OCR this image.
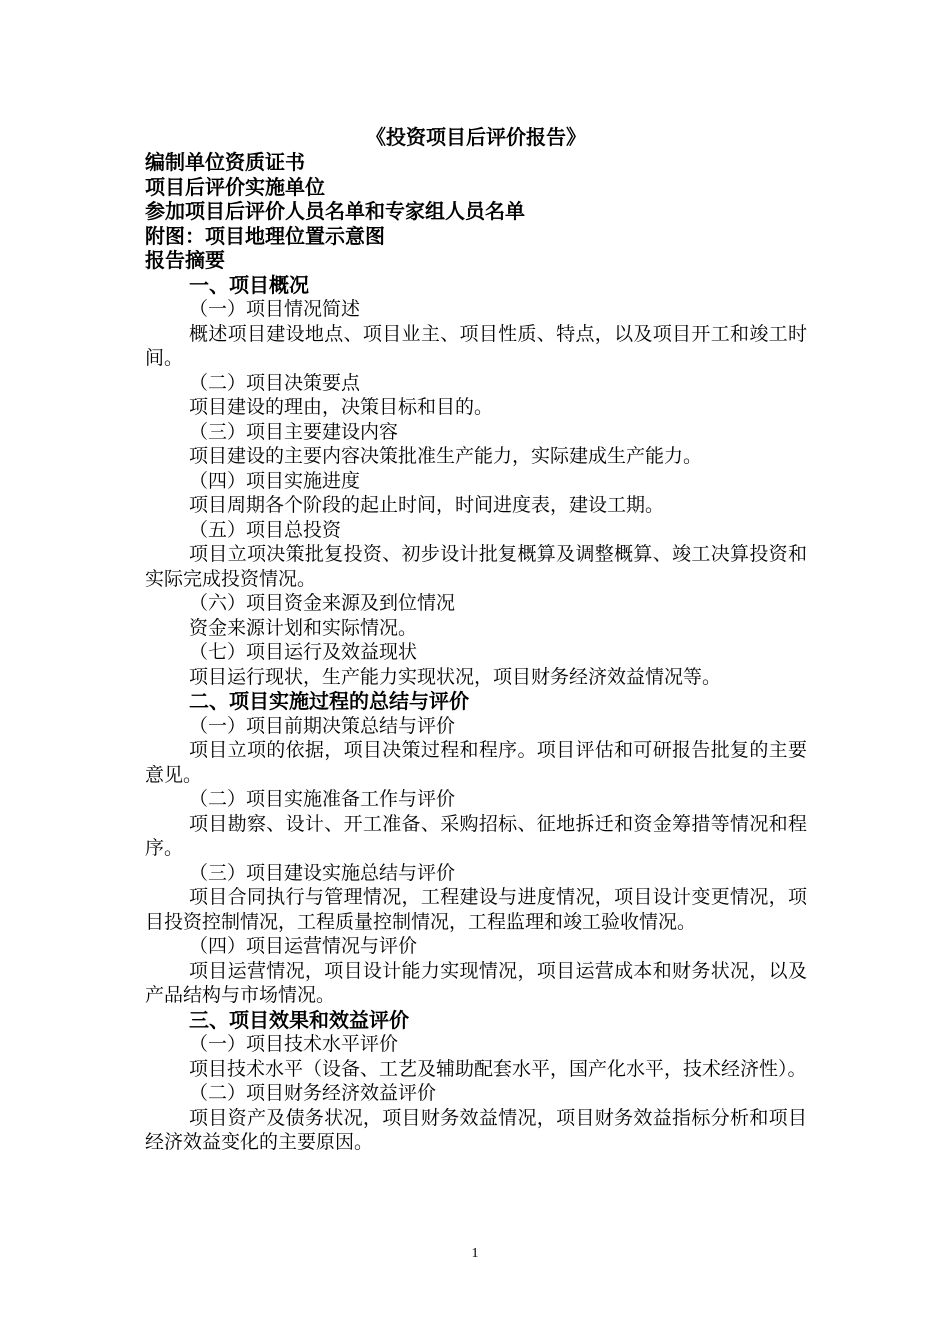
《投资项目后评价报告》
编制单位资质证书
项目后评价实施单位
参加项目后评价人员名单和专家组人员名单
附图：项目地理位置示意图
报告摘要
一、项目概况
（一）项目情况简述
概述项目建设地点、项目业主、项目性质、特点，以及项目开工和竣工时间。
（二）项目决策要点
项目建设的理由，决策目标和目的。
（三）项目主要建设内容
项目建设的主要内容决策批准生产能力，实际建成生产能力。
（四）项目实施进度
项目周期各个阶段的起止时间，时间进度表，建设工期。
（五）项目总投资
项目立项决策批复投资、初步设计批复概算及调整概算、竣工决算投资和实际完成投资情况。
（六）项目资金来源及到位情况
资金来源计划和实际情况。
（七）项目运行及效益现状
项目运行现状，生产能力实现状况，项目财务经济效益情况等。
二、项目实施过程的总结与评价
（一）项目前期决策总结与评价
项目立项的依据，项目决策过程和程序。项目评估和可研报告批复的主要意见。
（二）项目实施准备工作与评价
项目勘察、设计、开工准备、采购招标、征地拆迁和资金筹措等情况和程序。
（三）项目建设实施总结与评价
项目合同执行与管理情况，工程建设与进度情况，项目设计变更情况，项目投资控制情况，工程质量控制情况，工程监理和竣工验收情况。
（四）项目运营情况与评价
项目运营情况，项目设计能力实现情况，项目运营成本和财务状况，以及产品结构与市场情况。
三、项目效果和效益评价
（一）项目技术水平评价
项目技术水平（设备、工艺及辅助配套水平，国产化水平，技术经济性）。
（二）项目财务经济效益评价
项目资产及债务状况，项目财务效益情况，项目财务效益指标分析和项目经济效益变化的主要原因。
1
